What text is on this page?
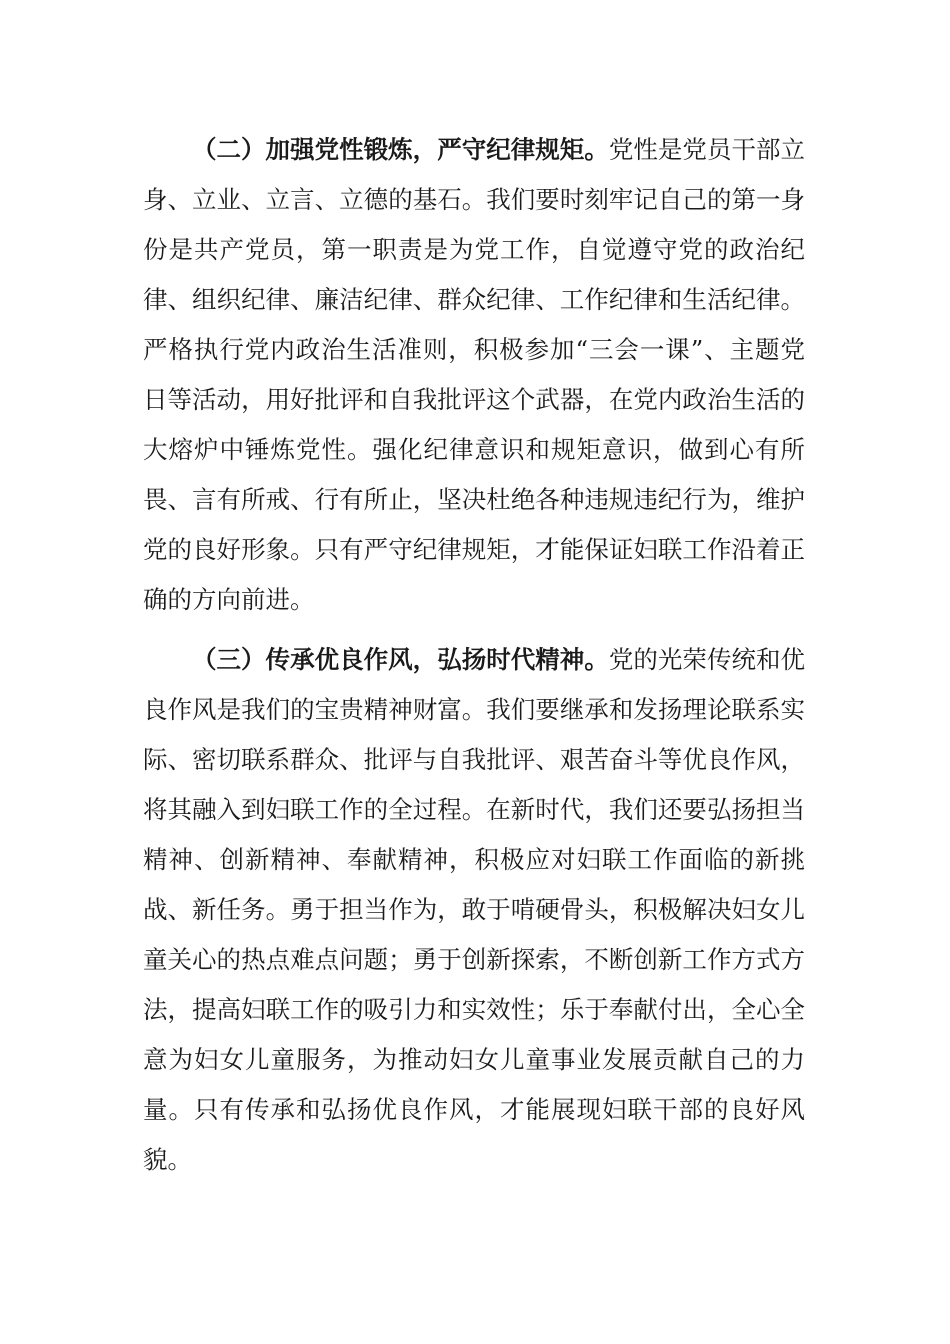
（二）加强党性锻炼，严守纪律规矩。党性是党员干部立身、立业、立言、立德的基石。我们要时刻牢记自己的第一身份是共产党员，第一职责是为党工作，自觉遵守党的政治纪律、组织纪律、廉洁纪律、群众纪律、工作纪律和生活纪律。严格执行党内政治生活准则，积极参加“三会一课”、主题党日等活动，用好批评和自我批评这个武器，在党内政治生活的大熔炉中锤炼党性。强化纪律意识和规矩意识，做到心有所畏、言有所戒、行有所止，坚决杜绝各种违规违纪行为，维护党的良好形象。只有严守纪律规矩，才能保证妇联工作沿着正确的方向前进。

（三）传承优良作风，弘扬时代精神。党的光荣传统和优良作风是我们的宝贵精神财富。我们要继承和发扬理论联系实际、密切联系群众、批评与自我批评、艰苦奋斗等优良作风，将其融入到妇联工作的全过程。在新时代，我们还要弘扬担当精神、创新精神、奉献精神，积极应对妇联工作面临的新挑战、新任务。勇于担当作为，敢于啃硬骨头，积极解决妇女儿童关心的热点难点问题；勇于创新探索，不断创新工作方式方法，提高妇联工作的吸引力和实效性；乐于奉献付出，全心全意为妇女儿童服务，为推动妇女儿童事业发展贡献自己的力量。只有传承和弘扬优良作风，才能展现妇联干部的良好风貌。
